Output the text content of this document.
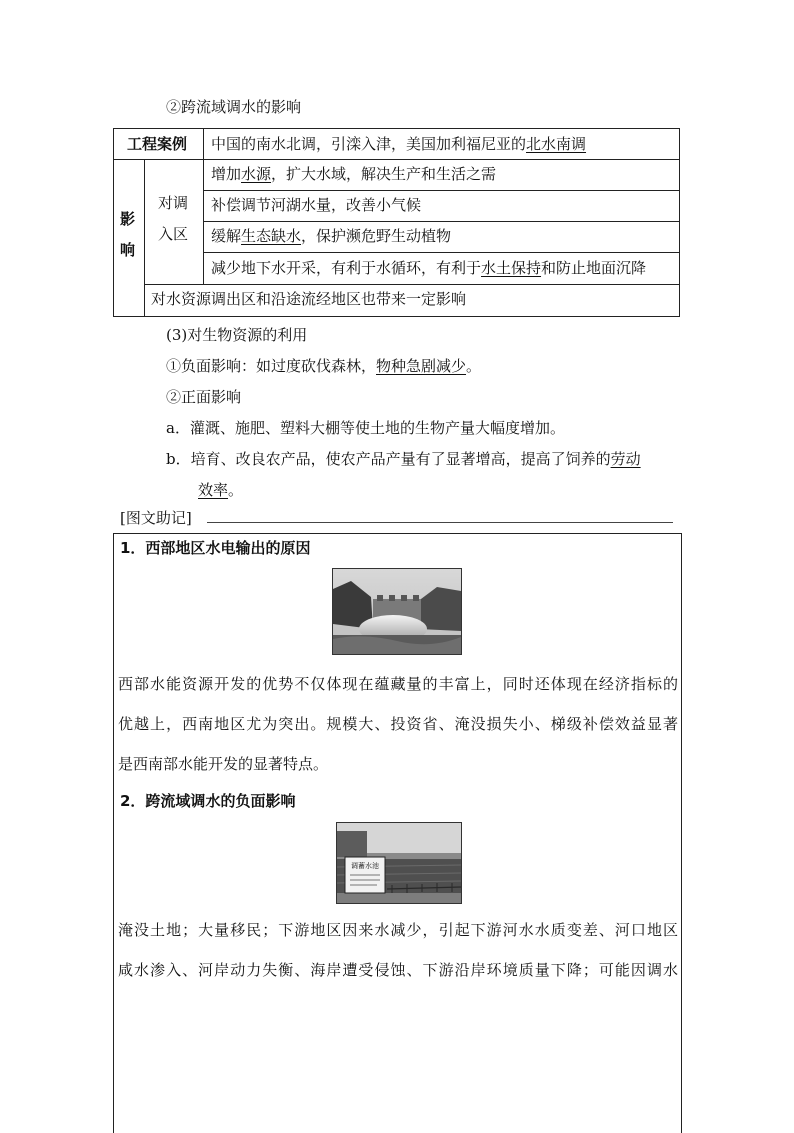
②跨流域调水的影响
工程案例 中国的南水北调，引滦入津，美国加利福尼亚的北水南调
影
响
对调
入区
增加水源，扩大水域，解决生产和生活之需
补偿调节河湖水量，改善小气候
缓解生态缺水，保护濒危野生动植物
减少地下水开采，有利于水循环，有利于水土保持和防止地面沉降
对水资源调出区和沿途流经地区也带来一定影响
(3)对生物资源的利用
①负面影响：如过度砍伐森林，物种急剧减少。
②正面影响
a．灌溉、施肥、塑料大棚等使土地的生物产量大幅度增加。
b．培育、改良农产品，使农产品产量有了显著增高，提高了饲养的劳动
效率。
[图文助记]
1．西部地区水电输出的原因
西部水能资源开发的优势不仅体现在蕴藏量的丰富上，同时还体现在经济指标的
优越上，西南地区尤为突出。规模大、投资省、淹没损失小、梯级补偿效益显著
是西南部水能开发的显著特点。
2．跨流域调水的负面影响
调蓄水池
淹没土地；大量移民；下游地区因来水减少，引起下游河水水质变差、河口地区
咸水渗入、河岸动力失衡、海岸遭受侵蚀、下游沿岸环境质量下降；可能因调水
